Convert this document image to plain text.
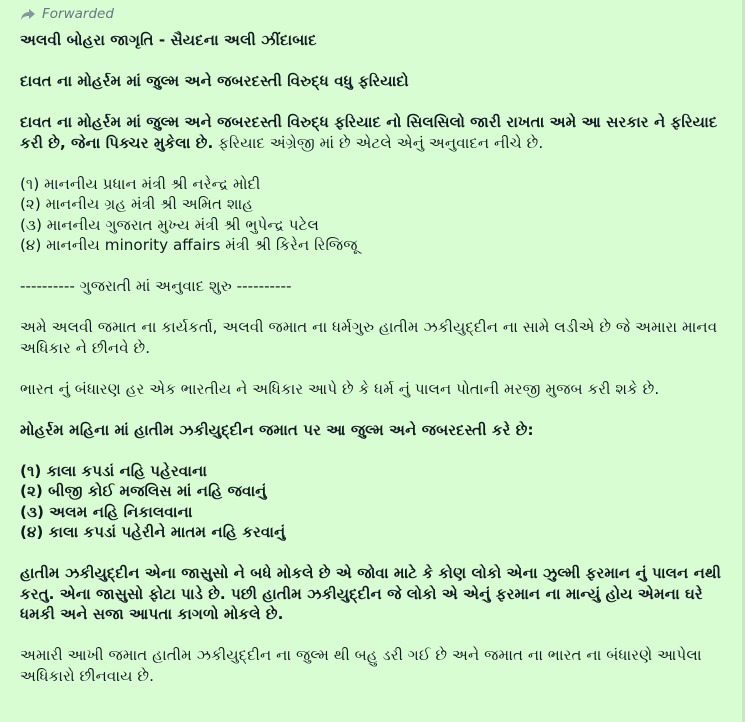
Forwarded

અલવી બોહરા જાગૃતિ - સૈયદના અલી ઝીંદાબાદ

દાવત ના મોહર્રમ માં જુલ્મ અને જબરદસ્તી વિરુદ્ધ વધુ ફરિયાદો

દાવત ના મોહર્રમ માં જુલ્મ અને જબરદસ્તી વિરુદ્ધ ફરિયાદ નો સિલસિલો જારી રાખતા અમે આ સરકાર ને ફરિયાદ કરી છે, જેના પિક્ચર મુકેલા છે. ફરિયાદ અંગ્રેજી માં છે એટલે એનું અનુવાદન નીચે છે.

(૧) માનનીય પ્રધાન મંત્રી શ્રી નરેન્દ્ર મોદી
(૨) માનનીય ગ્રહ મંત્રી શ્રી અમિત શાહ
(૩) માનનીય ગુજરાત મુખ્ય મંત્રી શ્રી ભુપેન્દ્ર પટેલ
(૪) માનનીય minority affairs મંત્રી શ્રી કિરેન રિજિજૂ

---------- ગુજરાતી માં અનુવાદ શુરુ ----------

અમે અલવી જમાત ના કાર્યકર્તા, અલવી જમાત ના ધર્મગુરુ હાતીમ ઝકીયુદ્દીન ના સામે લડીએ છે જે અમારા માનવ અધિકાર ને છીનવે છે.

ભારત નું બંધારણ હર એક ભારતીય ને અધિકાર આપે છે કે ધર્મ નું પાલન પોતાની મરજી મુજબ કરી શકે છે.

મોહર્રમ મહિના માં હાતીમ ઝકીયુદ્દીન જમાત પર આ જુલ્મ અને જબરદસ્તી કરે છે:

(૧) કાલા કપડાં નહિ પહેરવાના
(૨) બીજી કોઈ મજલિસ માં નહિ જવાનું
(૩) અલમ નહિ નિકાલવાના
(૪) કાલા કપડાં પહેરીને માતમ નહિ કરવાનું

હાતીમ ઝકીયુદ્દીન એના જાસુસો ને બધે મોકલે છે એ જોવા માટે કે કોણ લોકો એના ઝુલ્મી ફરમાન નું પાલન નથી કરતુ. એના જાસુસો ફોટા પાડે છે. પછી હાતીમ ઝકીયુદ્દીન જે લોકો એ એનું ફરમાન ના માન્યું હોય એમના ઘરે ધમકી અને સજા આપતા કાગળો મોકલે છે.

અમારી આખી જમાત હાતીમ ઝકીયુદ્દીન ના જુલ્મ થી બહુ ડરી ગઈ છે અને જમાત ના ભારત ના બંધારણે આપેલા અધિકારો છીનવાય છે.
